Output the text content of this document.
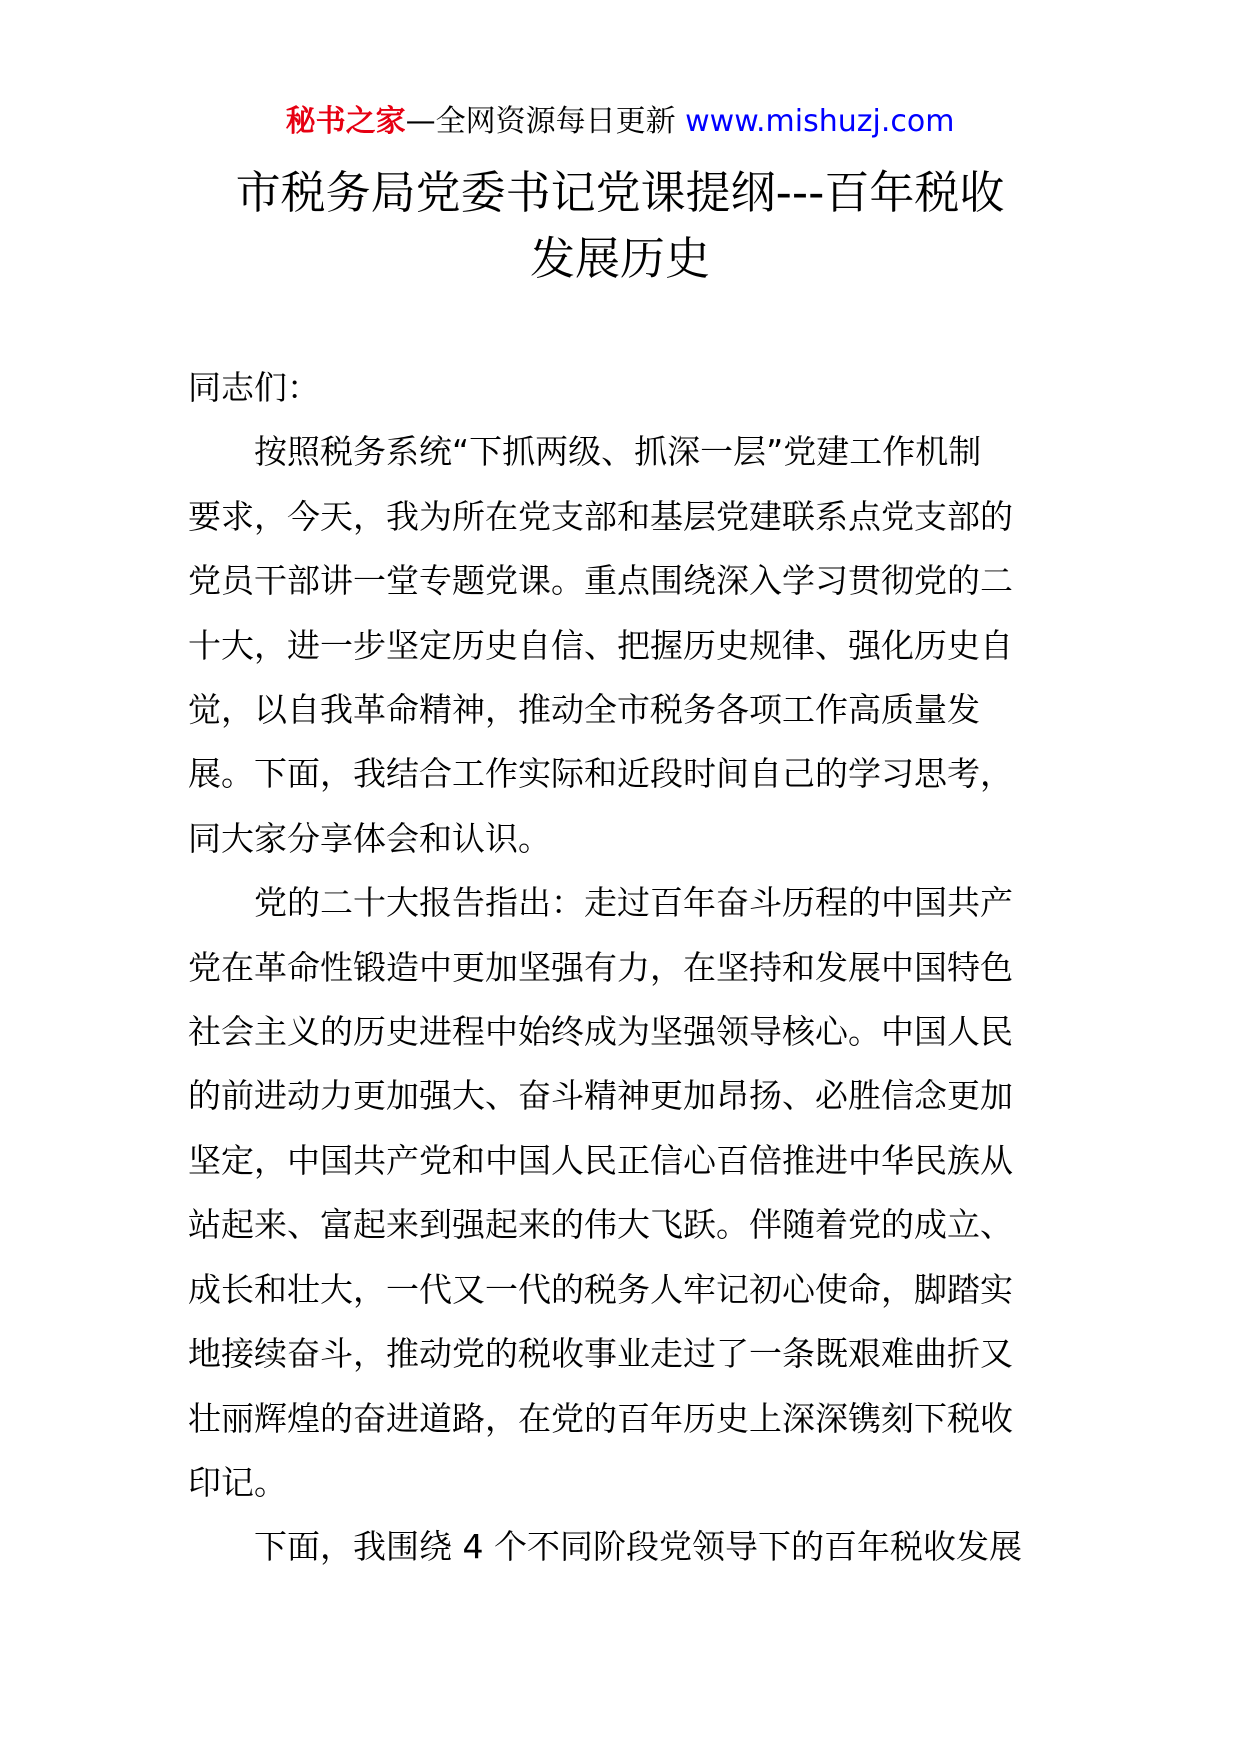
秘书之家—全网资源每日更新 www.mishuzj.com
市税务局党委书记党课提纲---百年税收
发展历史

同志们：

按照税务系统“下抓两级、抓深一层”党建工作机制
要求，今天，我为所在党支部和基层党建联系点党支部的
党员干部讲一堂专题党课。重点围绕深入学习贯彻党的二
十大，进一步坚定历史自信、把握历史规律、强化历史自
觉，以自我革命精神，推动全市税务各项工作高质量发
展。下面，我结合工作实际和近段时间自己的学习思考，
同大家分享体会和认识。

党的二十大报告指出：走过百年奋斗历程的中国共产
党在革命性锻造中更加坚强有力，在坚持和发展中国特色
社会主义的历史进程中始终成为坚强领导核心。中国人民
的前进动力更加强大、奋斗精神更加昂扬、必胜信念更加
坚定，中国共产党和中国人民正信心百倍推进中华民族从
站起来、富起来到强起来的伟大飞跃。伴随着党的成立、
成长和壮大，一代又一代的税务人牢记初心使命，脚踏实
地接续奋斗，推动党的税收事业走过了一条既艰难曲折又
壮丽辉煌的奋进道路，在党的百年历史上深深镌刻下税收
印记。

下面，我围绕 4 个不同阶段党领导下的百年税收发展
